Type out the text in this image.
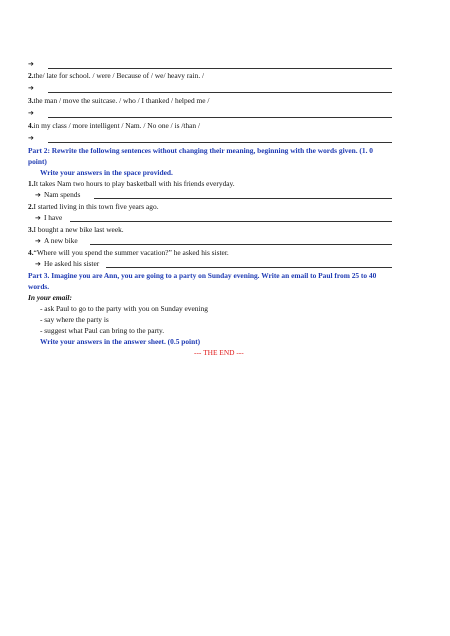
➔
2.the/ late for school. / were / Because of / we/ heavy rain. /
➔
3.the man / move the suitcase. / who / I thanked / helped me /
➔
4.in my class / more intelligent / Nam. / No one / is /than /
➔
Part 2: Rewrite the following sentences without changing their meaning, beginning with the words given. (1. 0
point)
Write your answers in the space provided.
1.It takes Nam two hours to play basketball with his friends everyday.
➔ Nam spends
2.I started living in this town five years ago.
➔ I have
3.I bought a new bike last week.
➔ A new bike
4.“Where will you spend the summer vacation?” he asked his sister.
➔ He asked his sister
Part 3. Imagine you are Ann, you are going to a party on Sunday evening. Write an email to Paul from 25 to 40
words.
In your email:
- ask Paul to go to the party with you on Sunday evening
- say where the party is
- suggest what Paul can bring to the party.
Write your answers in the answer sheet. (0.5 point)
--- THE END ---
